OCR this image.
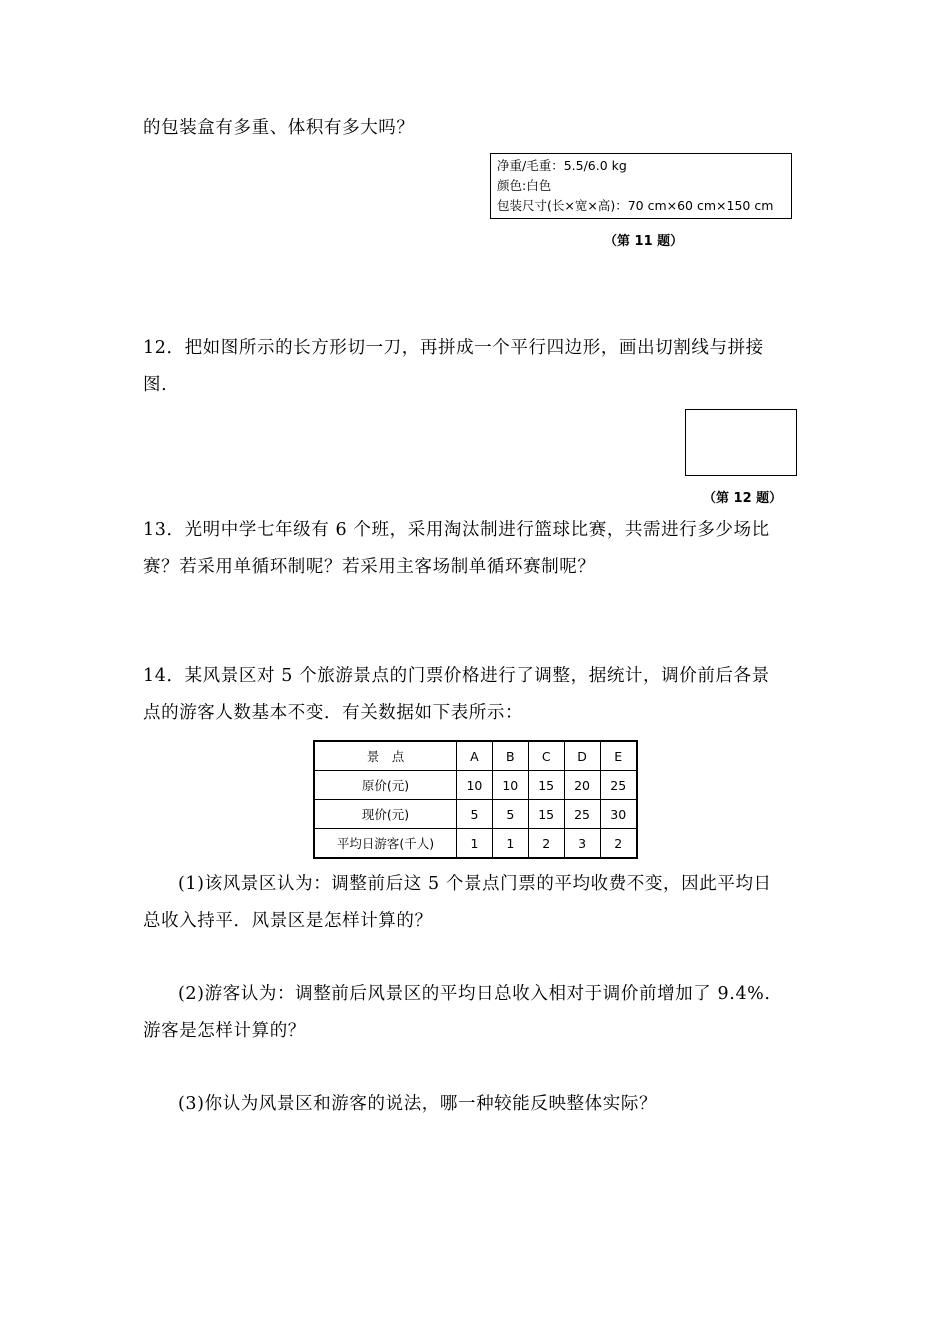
的包装盒有多重、体积有多大吗？
净重/毛重：5.5/6.0 kg
颜色:白色
包装尺寸(长×宽×高)：70 cm×60 cm×150 cm
（第 11 题）
12．把如图所示的长方形切一刀，再拼成一个平行四边形，画出切割线与拼接
图.
（第 12 题）
13．光明中学七年级有 6 个班，采用淘汰制进行篮球比赛，共需进行多少场比
赛？若采用单循环制呢？若采用主客场制单循环赛制呢？
14．某风景区对 5 个旅游景点的门票价格进行了调整，据统计，调价前后各景
点的游客人数基本不变．有关数据如下表所示：
景　点	A	B	C	D	E
原价(元)	10	10	15	20	25
现价(元)	5	5	15	25	30
平均日游客(千人)	1	1	2	3	2
(1)该风景区认为：调整前后这 5 个景点门票的平均收费不变，因此平均日
总收入持平．风景区是怎样计算的？
(2)游客认为：调整前后风景区的平均日总收入相对于调价前增加了 9.4%.
游客是怎样计算的？
(3)你认为风景区和游客的说法，哪一种较能反映整体实际？
